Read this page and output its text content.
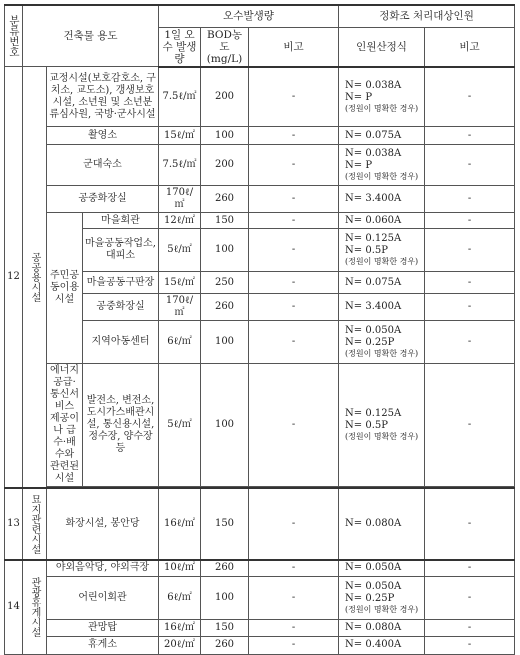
분류번호	건축물 용도			오수발생량			정화조 처리대상인원	
				1일 오수 발생량	BOD농도 (mg/L)	비고	인원산정식	비고
12	공공용시설	교정시설(보호감호소, 구치소, 교도소), 갱생보호시설, 소년원 및 소년분류심사원, 국방·군사시설		7.5ℓ/㎡	200	-	N= 0.038A
N= P
(정원이 명확한 경우)	-
		촬영소		15ℓ/㎡	100	-	N= 0.075A	-
		군대숙소		7.5ℓ/㎡	200	-	N= 0.038A
N= P
(정원이 명확한 경우)	-
		공중화장실		170ℓ/㎡	260	-	N= 3.400A	-
		주민공동이용시설	마을회관	12ℓ/㎡	150	-	N= 0.060A	-
			마을공동작업소, 대피소	5ℓ/㎡	100	-	N= 0.125A
N= 0.5P
(정원이 명확한 경우)	-
			마을공동구판장	15ℓ/㎡	250	-	N= 0.075A	-
			공중화장실	170ℓ/㎡	260	-	N= 3.400A	-
			지역아동센터	6ℓ/㎡	100	-	N= 0.050A
N= 0.25P
(정원이 명확한 경우)	-
		에너지 공급·통신서비스 제공이나 급수·배수와 관련된 시설	발전소, 변전소, 도시가스배관시설, 통신용시설, 정수장, 양수장 등	5ℓ/㎡	100	-	N= 0.125A
N= 0.5P
(정원이 명확한 경우)	-

13	묘지관련시설	화장시설, 봉안당		16ℓ/㎡	150	-	N= 0.080A	-
14	관광휴게시설	야외음악당, 야외극장		10ℓ/㎡	260	-	N= 0.050A	-
		어린이회관		6ℓ/㎡	100	-	N= 0.050A
N= 0.25P
(정원이 명확한 경우)	-
		관망탑		16ℓ/㎡	150	-	N= 0.080A	-
		휴게소		20ℓ/㎡	260	-	N= 0.400A	-
